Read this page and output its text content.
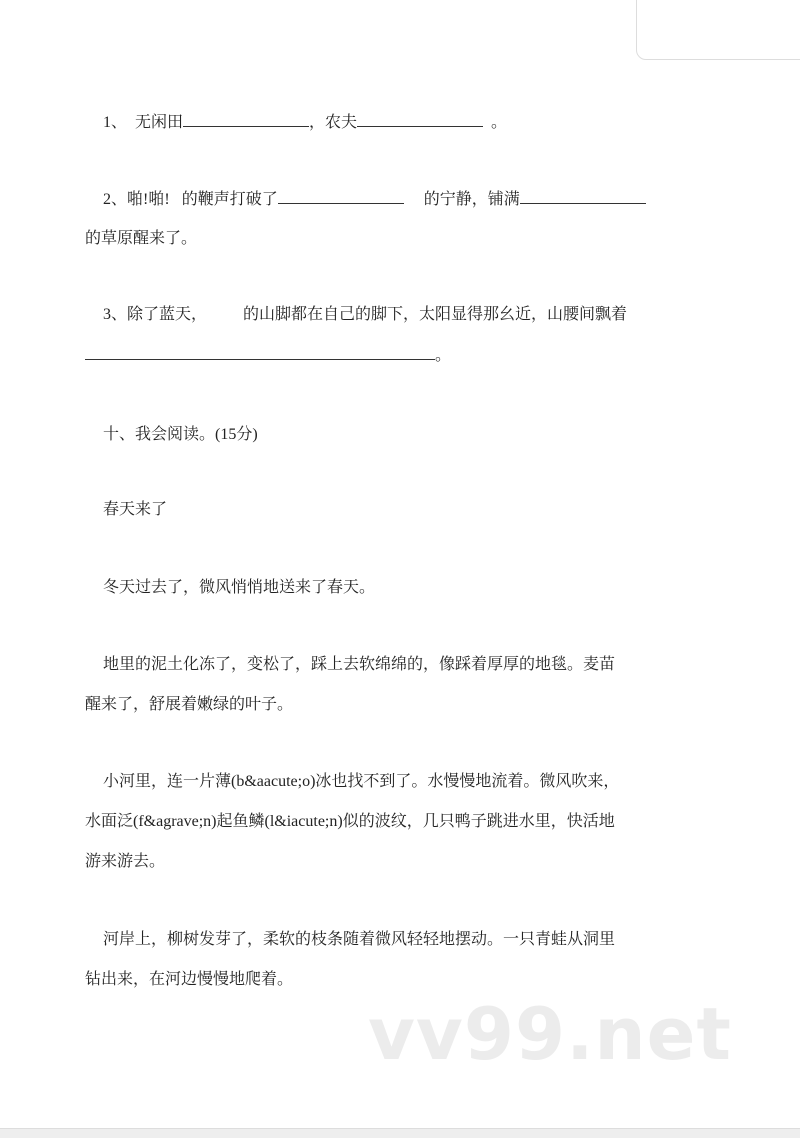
1、 无闲田	，农夫	。
2、啪!啪! 的鞭声打破了	的宁静，铺满
的草原醒来了。
3、除了蓝天， 的山脚都在自己的脚下，太阳显得那幺近，山腰间飘着
。
十、我会阅读。(15分)
春天来了
冬天过去了，微风悄悄地送来了春天。
地里的泥土化冻了，变松了，踩上去软绵绵的，像踩着厚厚的地毯。麦苗
醒来了，舒展着嫩绿的叶子。
小河里，连一片薄(b&aacute;o)冰也找不到了。水慢慢地流着。微风吹来，
水面泛(f&agrave;n)起鱼鳞(l&iacute;n)似的波纹，几只鸭子跳进水里，快活地
游来游去。
河岸上，柳树发芽了，柔软的枝条随着微风轻轻地摆动。一只青蛙从洞里
钻出来，在河边慢慢地爬着。
vv99.net
